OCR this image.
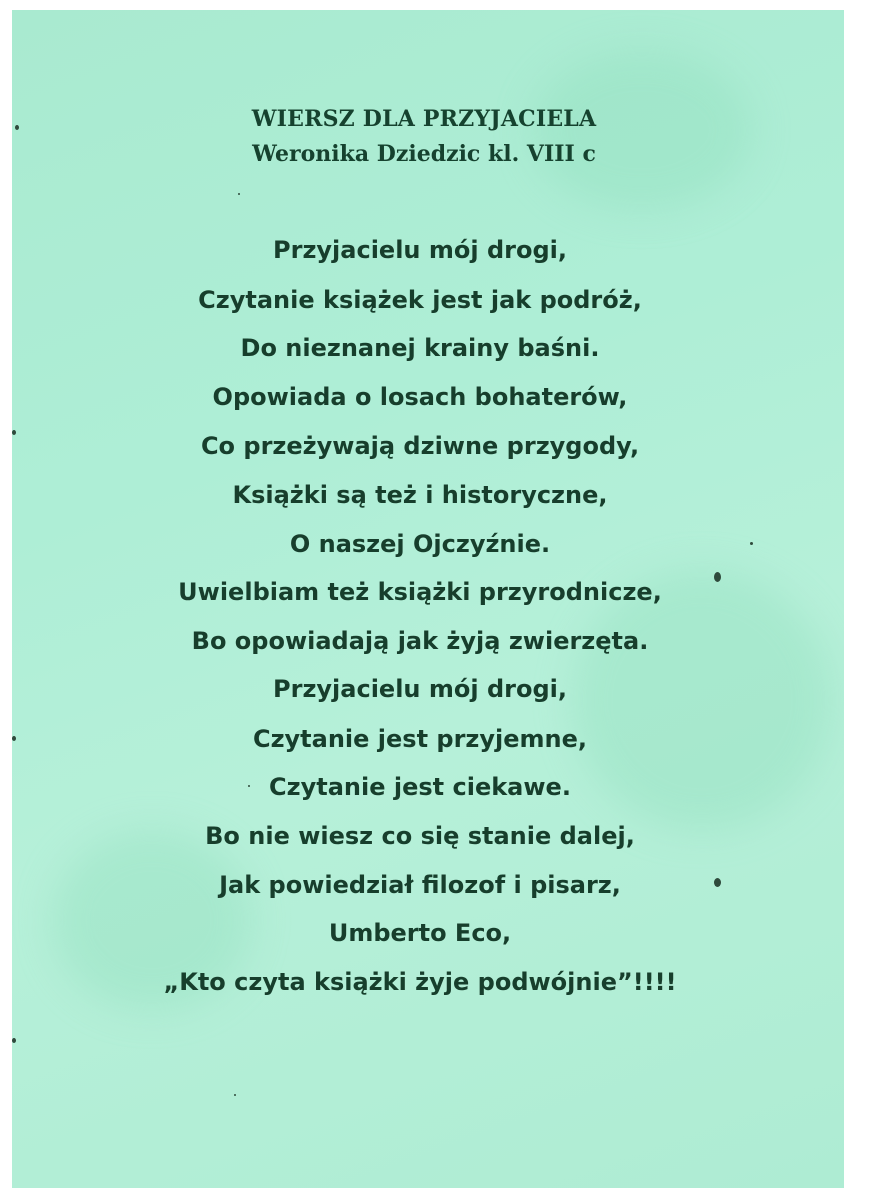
WIERSZ DLA PRZYJACIELA
Weronika Dziedzic kl. VIII c
Przyjacielu mój drogi,
Czytanie książek jest jak podróż,
Do nieznanej krainy baśni.
Opowiada o losach bohaterów,
Co przeżywają dziwne przygody,
Książki są też i historyczne,
O naszej Ojczyźnie.
Uwielbiam też książki przyrodnicze,
Bo opowiadają jak żyją zwierzęta.
Przyjacielu mój drogi,
Czytanie jest przyjemne,
Czytanie jest ciekawe.
Bo nie wiesz co się stanie dalej,
Jak powiedział filozof i pisarz,
Umberto Eco,
„Kto czyta książki żyje podwójnie”!!!!
